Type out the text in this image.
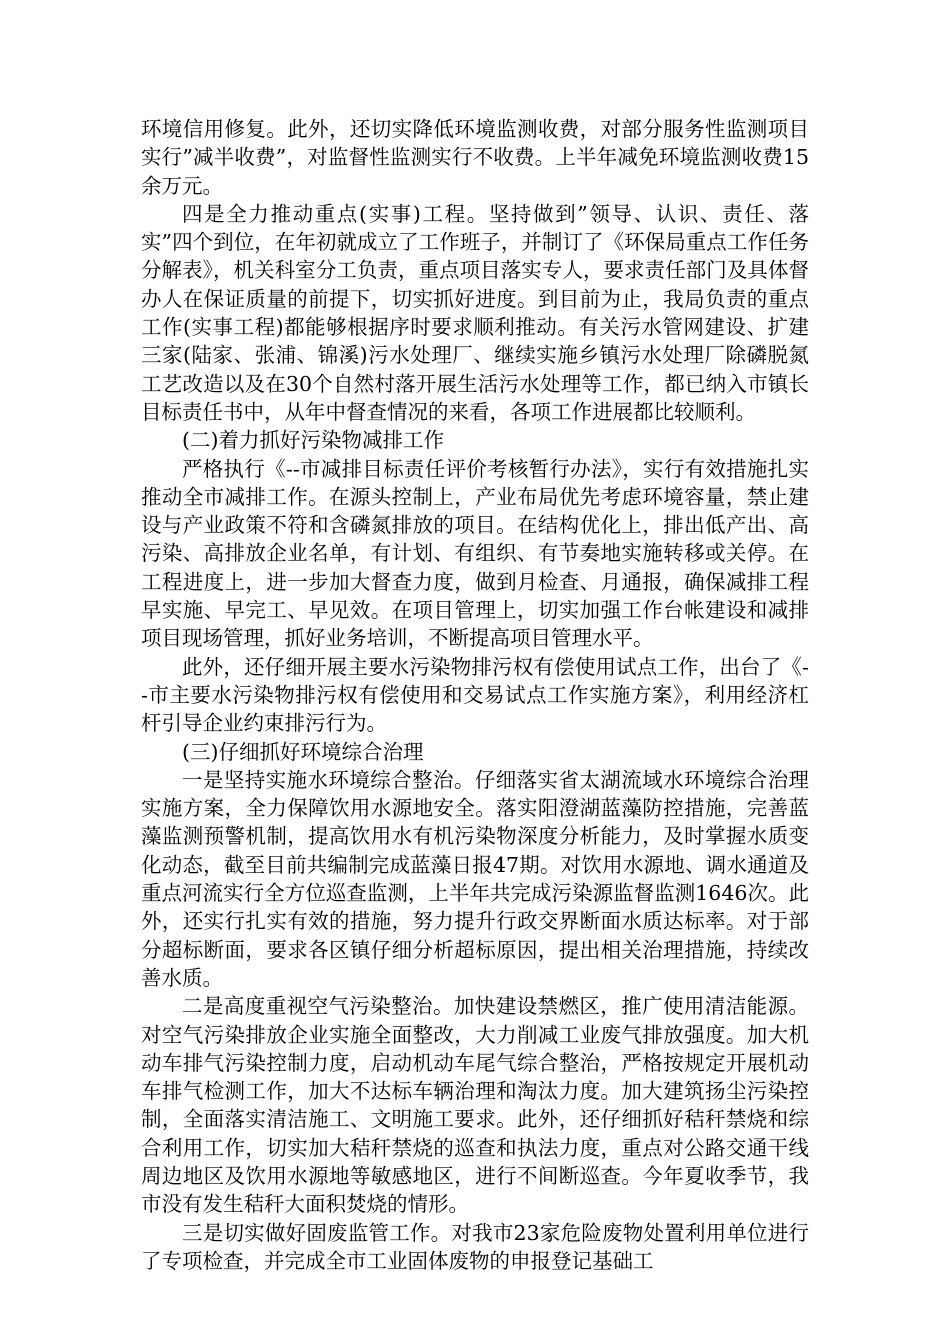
环境信用修复。此外，还切实降低环境监测收费，对部分服务性监测项目实行”减半收费”，对监督性监测实行不收费。上半年减免环境监测收费15余万元。

四是全力推动重点(实事)工程。坚持做到”领导、认识、责任、落实”四个到位，在年初就成立了工作班子，并制订了《环保局重点工作任务分解表》，机关科室分工负责，重点项目落实专人，要求责任部门及具体督办人在保证质量的前提下，切实抓好进度。到目前为止，我局负责的重点工作(实事工程)都能够根据序时要求顺利推动。有关污水管网建设、扩建三家(陆家、张浦、锦溪)污水处理厂、继续实施乡镇污水处理厂除磷脱氮工艺改造以及在30个自然村落开展生活污水处理等工作，都已纳入市镇长目标责任书中，从年中督查情况的来看，各项工作进展都比较顺利。

(二)着力抓好污染物减排工作

严格执行《--市减排目标责任评价考核暂行办法》，实行有效措施扎实推动全市减排工作。在源头控制上，产业布局优先考虑环境容量，禁止建设与产业政策不符和含磷氮排放的项目。在结构优化上，排出低产出、高污染、高排放企业名单，有计划、有组织、有节奏地实施转移或关停。在工程进度上，进一步加大督查力度，做到月检查、月通报，确保减排工程早实施、早完工、早见效。在项目管理上，切实加强工作台帐建设和减排项目现场管理，抓好业务培训，不断提高项目管理水平。

此外，还仔细开展主要水污染物排污权有偿使用试点工作，出台了《--市主要水污染物排污权有偿使用和交易试点工作实施方案》，利用经济杠杆引导企业约束排污行为。

(三)仔细抓好环境综合治理

一是坚持实施水环境综合整治。仔细落实省太湖流域水环境综合治理实施方案，全力保障饮用水源地安全。落实阳澄湖蓝藻防控措施，完善蓝藻监测预警机制，提高饮用水有机污染物深度分析能力，及时掌握水质变化动态，截至目前共编制完成蓝藻日报47期。对饮用水源地、调水通道及重点河流实行全方位巡查监测，上半年共完成污染源监督监测1646次。此外，还实行扎实有效的措施，努力提升行政交界断面水质达标率。对于部分超标断面，要求各区镇仔细分析超标原因，提出相关治理措施，持续改善水质。

二是高度重视空气污染整治。加快建设禁燃区，推广使用清洁能源。对空气污染排放企业实施全面整改，大力削减工业废气排放强度。加大机动车排气污染控制力度，启动机动车尾气综合整治，严格按规定开展机动车排气检测工作，加大不达标车辆治理和淘汰力度。加大建筑扬尘污染控制，全面落实清洁施工、文明施工要求。此外，还仔细抓好秸秆禁烧和综合利用工作，切实加大秸秆禁烧的巡查和执法力度，重点对公路交通干线周边地区及饮用水源地等敏感地区，进行不间断巡查。今年夏收季节，我市没有发生秸秆大面积焚烧的情形。

三是切实做好固废监管工作。对我市23家危险废物处置利用单位进行了专项检查，并完成全市工业固体废物的申报登记基础工
